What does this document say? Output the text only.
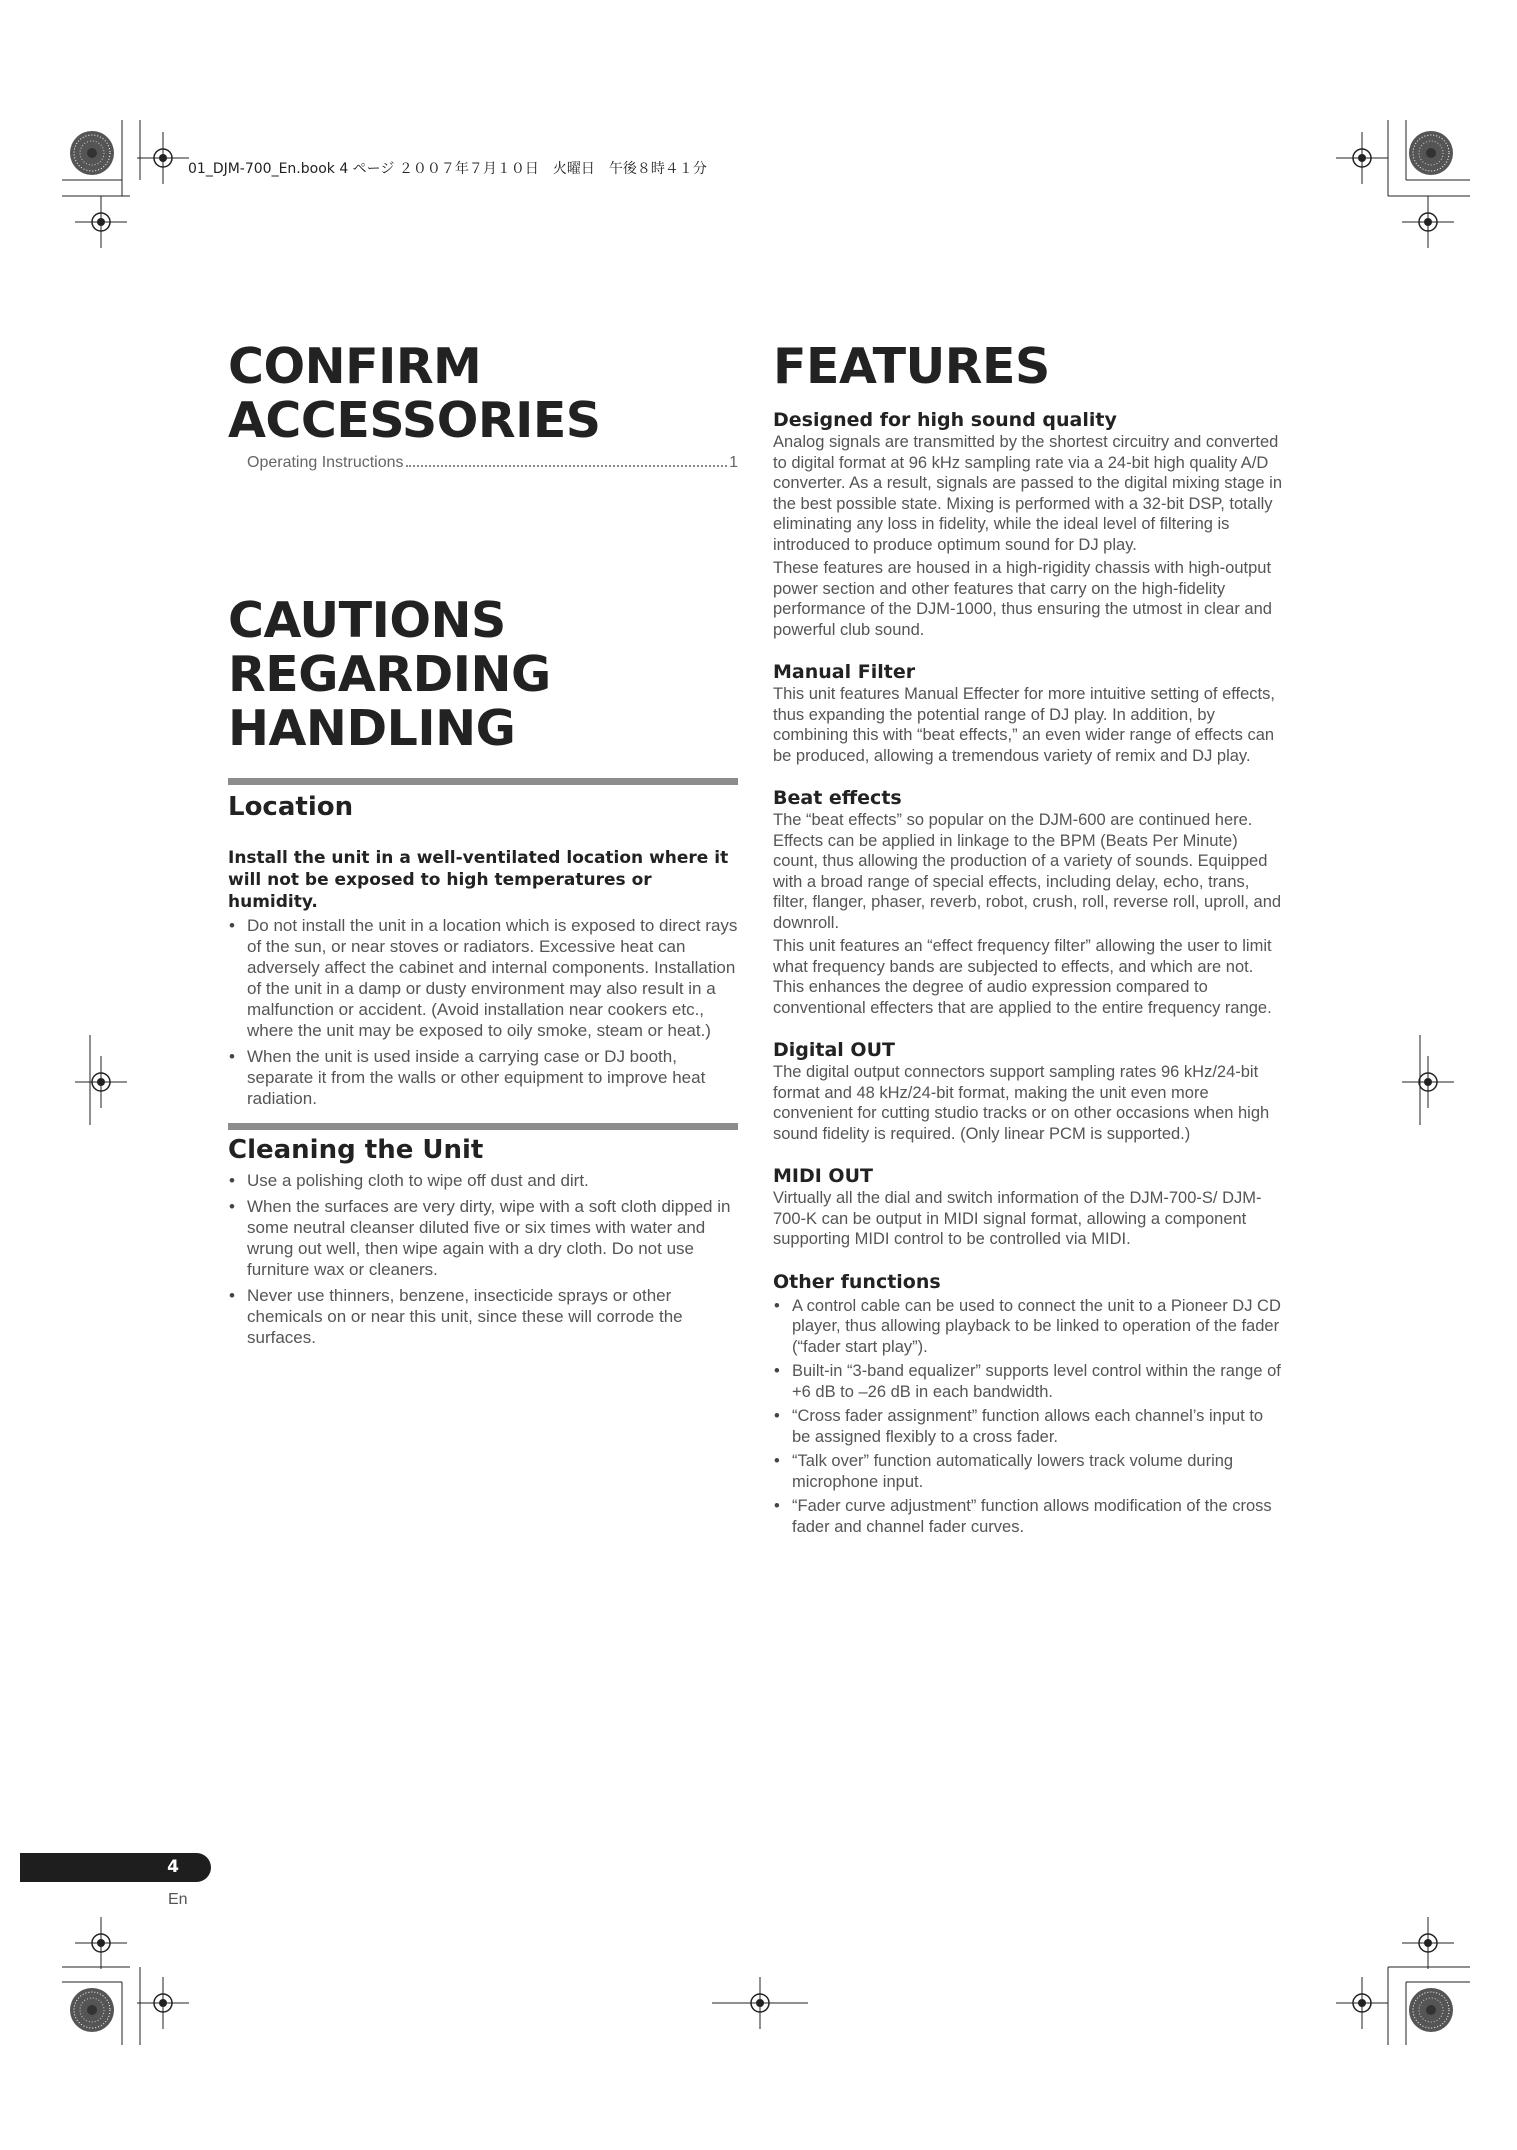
01_DJM-700_En.book 4 ページ ２００７年７月１０日　火曜日　午後８時４１分
CONFIRM
ACCESSORIES
Operating Instructions	1
CAUTIONS REGARDING
HANDLING
Location

Install the unit in a well-ventilated location where it will not be exposed to high temperatures or humidity.

• Do not install the unit in a location which is exposed to direct rays of the sun, or near stoves or radiators. Excessive heat can adversely affect the cabinet and internal components. Installation of the unit in a damp or dusty environment may also result in a malfunction or accident. (Avoid installation near cookers etc., where the unit may be exposed to oily smoke, steam or heat.)
• When the unit is used inside a carrying case or DJ booth, separate it from the walls or other equipment to improve heat radiation.
Cleaning the Unit
• Use a polishing cloth to wipe off dust and dirt.
• When the surfaces are very dirty, wipe with a soft cloth dipped in some neutral cleanser diluted five or six times with water and wrung out well, then wipe again with a dry cloth. Do not use furniture wax or cleaners.
• Never use thinners, benzene, insecticide sprays or other chemicals on or near this unit, since these will corrode the surfaces.
FEATURES
Designed for high sound quality

Analog signals are transmitted by the shortest circuitry and converted to digital format at 96 kHz sampling rate via a 24-bit high quality A/D converter. As a result, signals are passed to the digital mixing stage in the best possible state. Mixing is performed with a 32-bit DSP, totally eliminating any loss in fidelity, while the ideal level of filtering is introduced to produce optimum sound for DJ play.

These features are housed in a high-rigidity chassis with high-output power section and other features that carry on the high-fidelity performance of the DJM-1000, thus ensuring the utmost in clear and powerful club sound.

Manual Filter

This unit features Manual Effecter for more intuitive setting of effects, thus expanding the potential range of DJ play. In addition, by combining this with “beat effects,” an even wider range of effects can be produced, allowing a tremendous variety of remix and DJ play.

Beat effects

The “beat effects” so popular on the DJM-600 are continued here. Effects can be applied in linkage to the BPM (Beats Per Minute) count, thus allowing the production of a variety of sounds. Equipped with a broad range of special effects, including delay, echo, trans, filter, flanger, phaser, reverb, robot, crush, roll, reverse roll, uproll, and downroll.

This unit features an “effect frequency filter” allowing the user to limit what frequency bands are subjected to effects, and which are not. This enhances the degree of audio expression compared to conventional effecters that are applied to the entire frequency range.

Digital OUT

The digital output connectors support sampling rates 96 kHz/24-bit format and 48 kHz/24-bit format, making the unit even more convenient for cutting studio tracks or on other occasions when high sound fidelity is required. (Only linear PCM is supported.)

MIDI OUT

Virtually all the dial and switch information of the DJM-700-S/ DJM-700-K can be output in MIDI signal format, allowing a component supporting MIDI control to be controlled via MIDI.

Other functions
• A control cable can be used to connect the unit to a Pioneer DJ CD player, thus allowing playback to be linked to operation of the fader (“fader start play”).
• Built-in “3-band equalizer” supports level control within the range of +6 dB to –26 dB in each bandwidth.
• “Cross fader assignment” function allows each channel’s input to be assigned flexibly to a cross fader.
• “Talk over” function automatically lowers track volume during microphone input.
• “Fader curve adjustment” function allows modification of the cross fader and channel fader curves.
4
En
